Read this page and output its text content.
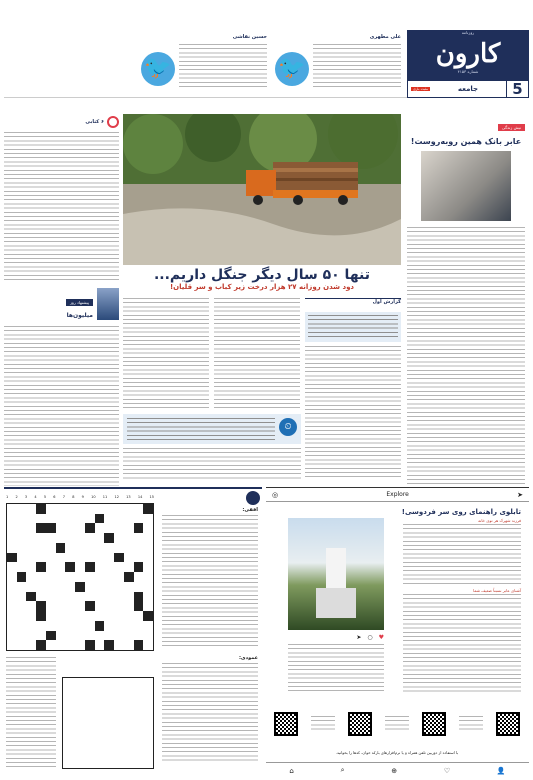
روزنامه
کارون
شماره ۴۱۵۳
5
جامعه
مثبت باری
علی مطهری
🐦
حسین نقاشی
🐦
نیش زندگی
عابر بانک همین روبه‌روست!
تنها ۵۰ سال دیگر جنگل داریم...
دود شدن روزانه ۲۷ هزار درخت زیر کباب و سر قلیان!
گزارش اول
⏲
۶ کتابی
پیشنهاد روز
میلیون‌ها
15
14
13
12
11
10
9
8
7
6
5
4
3
2
1
افقی:
عمودی:
➤
Explore
◎
تابلوی راهنمای روی سر فردوسی!
فرزند شهرک هر توی خانه
♥
○
➤
آشنای عابر نسبتاً ضعیف شما
با استفاده از دوربین تلفن همراه و یا نرم‌افزارهای بارکد خوان، کدها را بخوانید.
👤
♡
⊕
⌕
⌂
